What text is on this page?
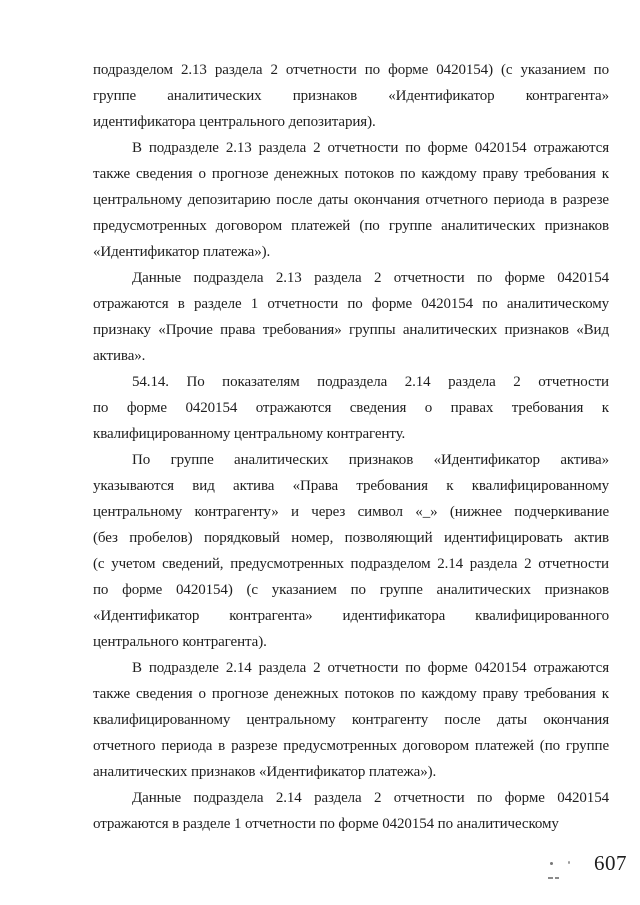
подразделом 2.13 раздела 2 отчетности по форме 0420154) (с указанием по
группе аналитических признаков «Идентификатор контрагента»
идентификатора центрального депозитария).

В подразделе 2.13 раздела 2 отчетности по форме 0420154 отражаются
также сведения о прогнозе денежных потоков по каждому праву требования к
центральному депозитарию после даты окончания отчетного периода в разрезе
предусмотренных договором платежей (по группе аналитических признаков
«Идентификатор платежа»).

Данные подраздела 2.13 раздела 2 отчетности по форме 0420154
отражаются в разделе 1 отчетности по форме 0420154 по аналитическому
признаку «Прочие права требования» группы аналитических признаков «Вид
актива».

54.14. По показателям подраздела 2.14 раздела 2 отчетности
по форме 0420154 отражаются сведения о правах требования к
квалифицированному центральному контрагенту.

По группе аналитических признаков «Идентификатор актива»
указываются вид актива «Права требования к квалифицированному
центральному контрагенту» и через символ «_» (нижнее подчеркивание
(без пробелов) порядковый номер, позволяющий идентифицировать актив
(с учетом сведений, предусмотренных подразделом 2.14 раздела 2 отчетности
по форме 0420154) (с указанием по группе аналитических признаков
«Идентификатор контрагента» идентификатора квалифицированного
центрального контрагента).

В подразделе 2.14 раздела 2 отчетности по форме 0420154 отражаются
также сведения о прогнозе денежных потоков по каждому праву требования к
квалифицированному центральному контрагенту после даты окончания
отчетного периода в разрезе предусмотренных договором платежей (по группе
аналитических признаков «Идентификатор платежа»).

Данные подраздела 2.14 раздела 2 отчетности по форме 0420154
отражаются в разделе 1 отчетности по форме 0420154 по аналитическому

607
